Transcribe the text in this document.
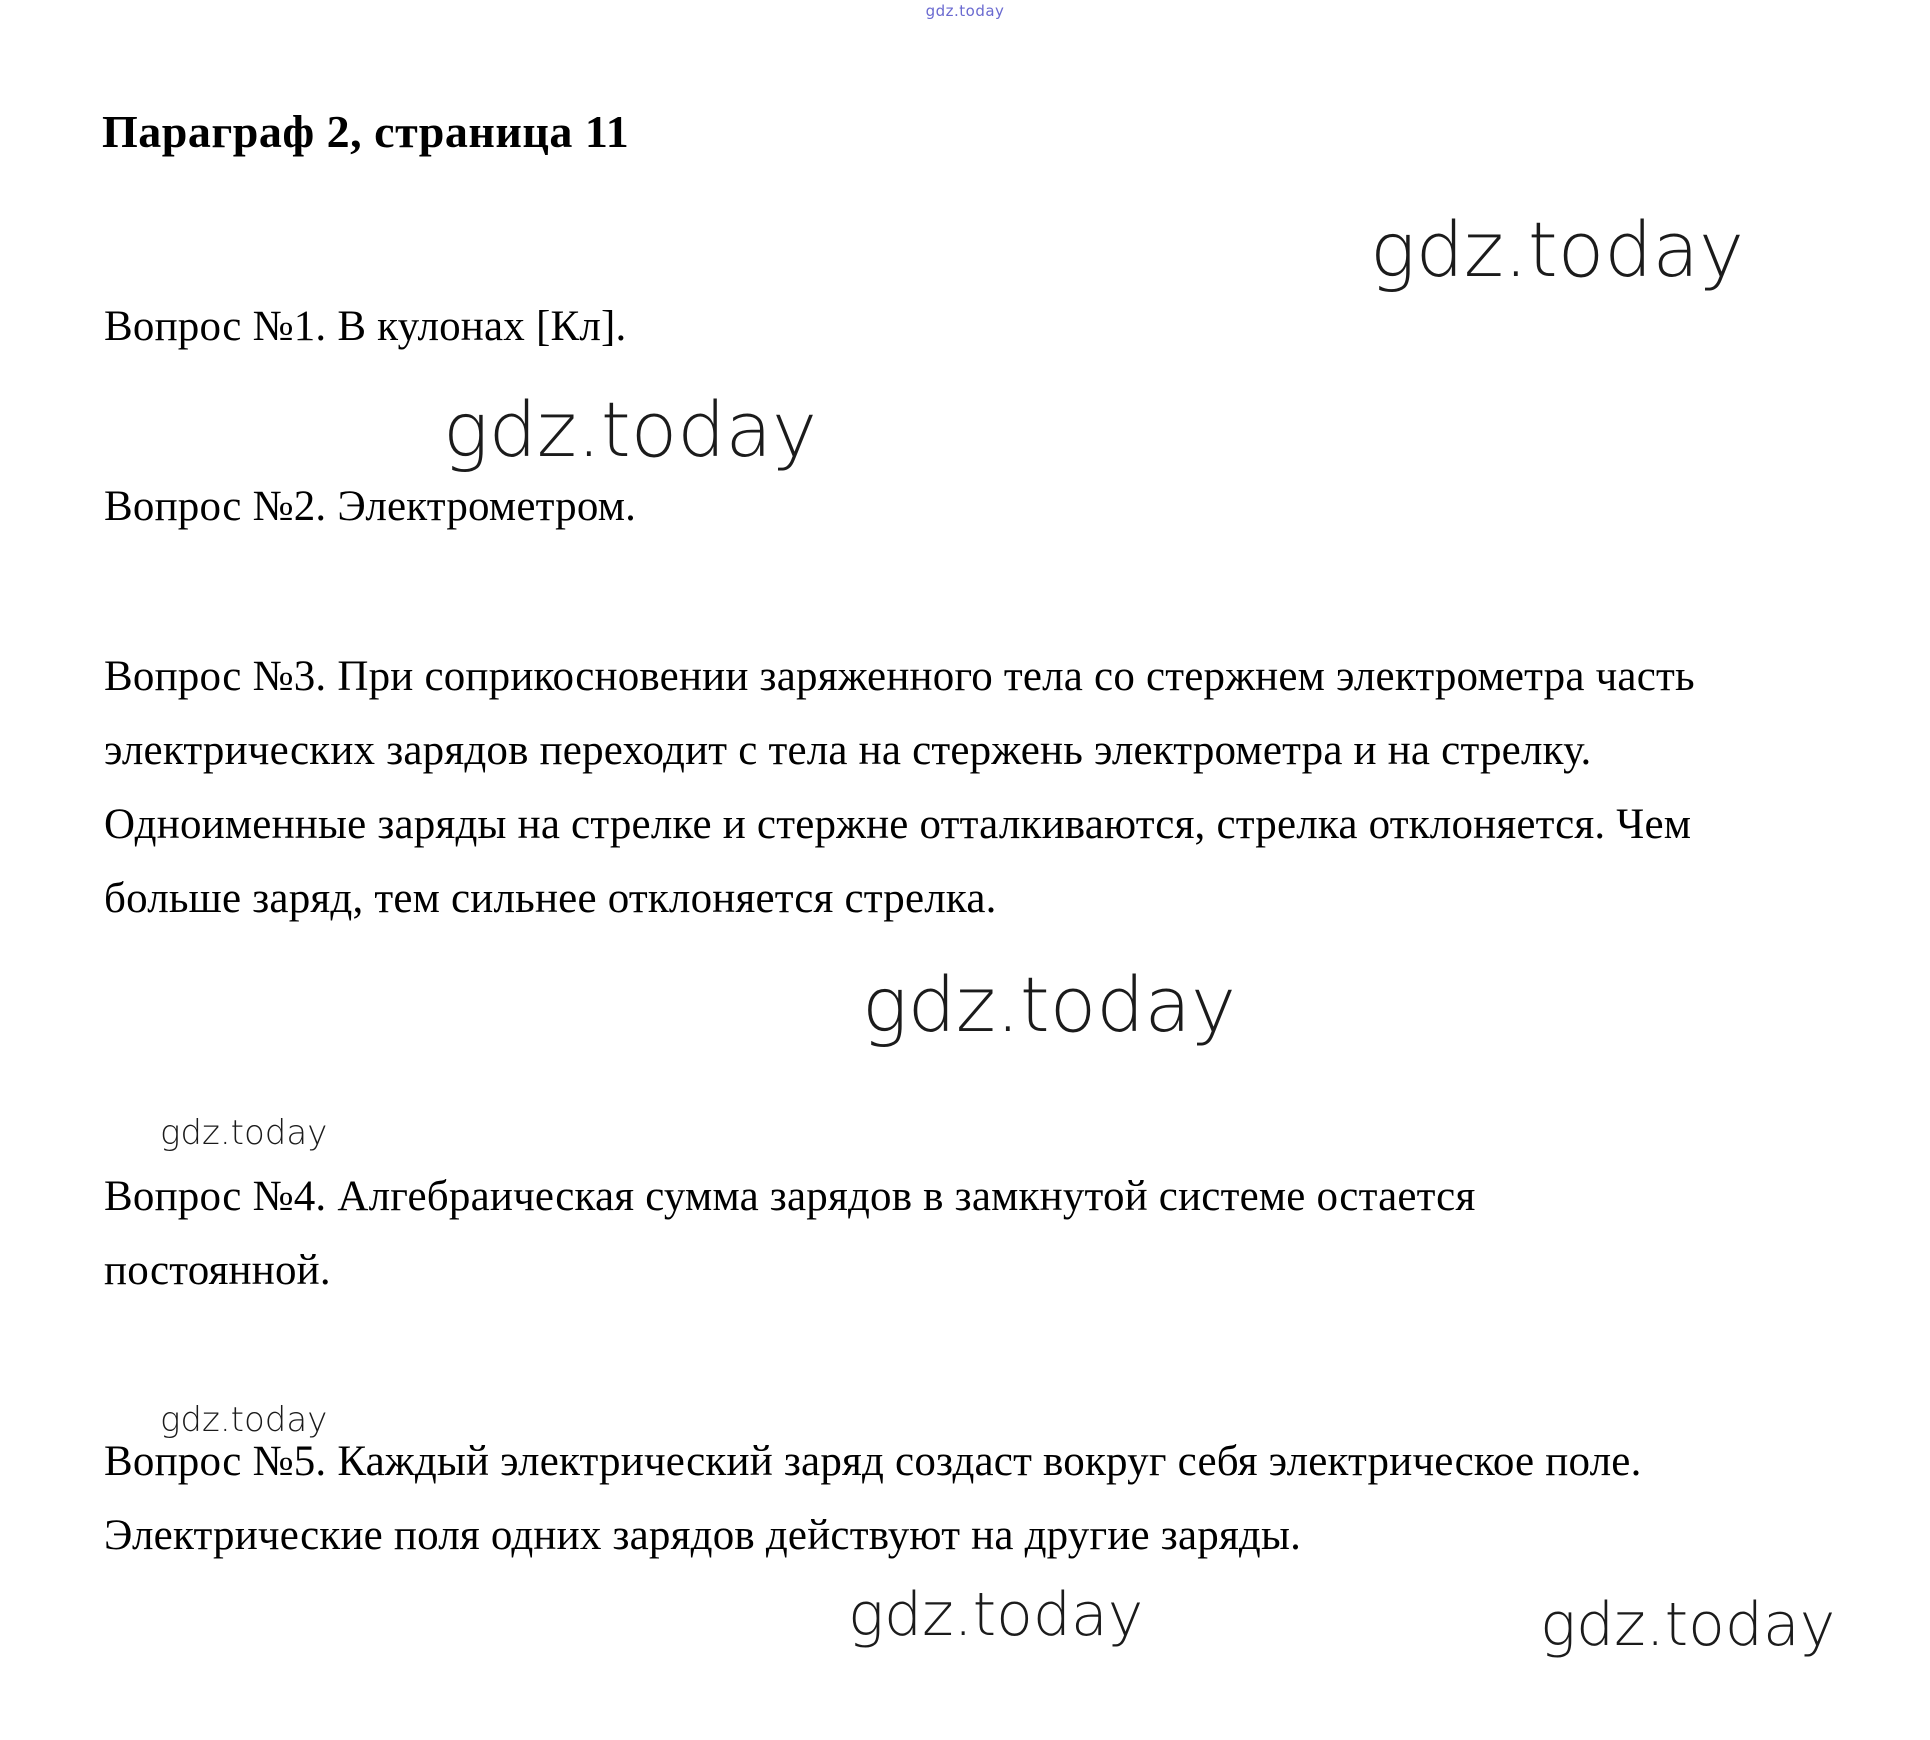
gdz.today
Параграф 2, страница 11
Вопрос №1. В кулонах [Кл].
Вопрос №2. Электрометром.
Вопрос №3. При соприкосновении заряженного тела со стержнем электрометра часть электрических зарядов переходит с тела на стержень электрометра и на стрелку. Одноименные заряды на стрелке и стержне отталкиваются, стрелка отклоняется. Чем больше заряд, тем сильнее отклоняется стрелка.
Вопрос №4. Алгебраическая сумма зарядов в замкнутой системе остается постоянной.
Вопрос №5. Каждый электрический заряд создаст вокруг себя электрическое поле. Электрические поля одних зарядов действуют на другие заряды.
gdz.today
gdz.today
gdz.today
gdz.today
gdz.today
gdz.today	gdz.today
